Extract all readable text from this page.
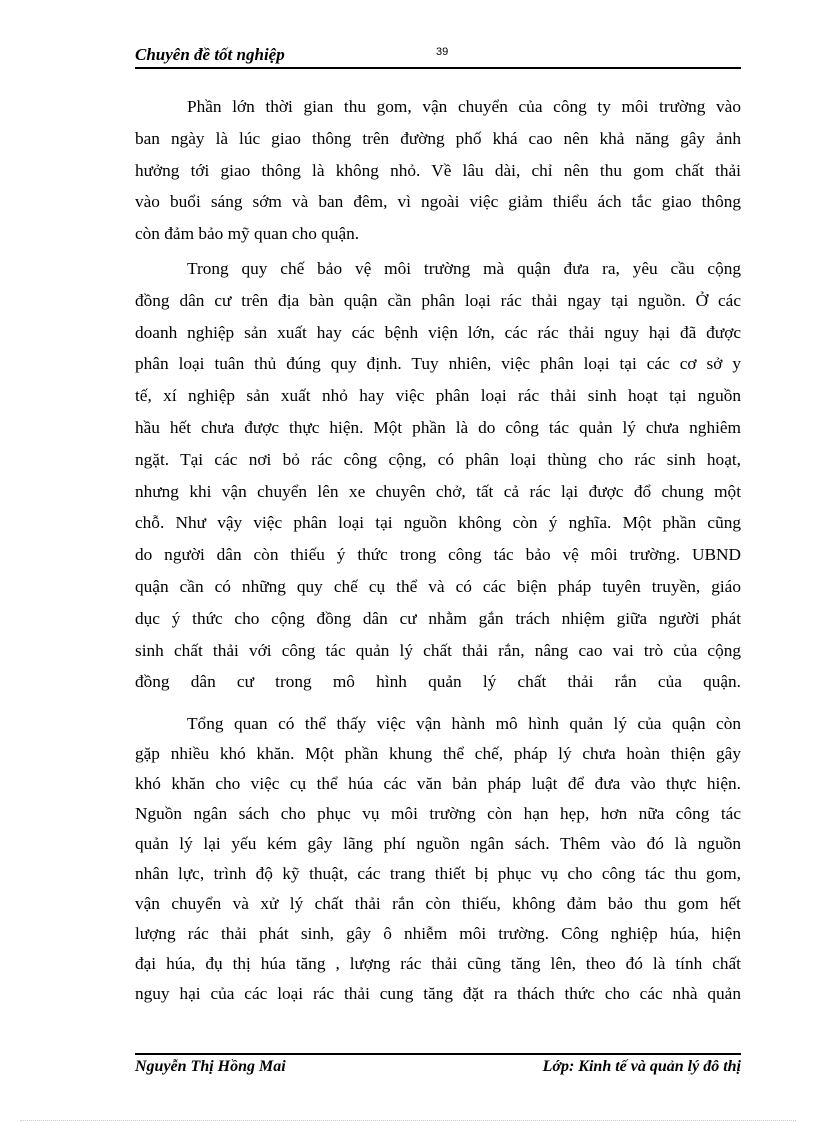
Chuyên đề tốt nghiệp	39
Phần lớn thời gian thu gom, vận chuyển của công ty môi trường vào
ban ngày là lúc giao thông trên đường phố khá cao nên khả năng gây ảnh
hưởng tới giao thông là không nhỏ. Về lâu dài, chỉ nên thu gom chất thải
vào buổi sáng sớm và ban đêm, vì ngoài việc giảm thiểu ách tắc giao thông
còn đảm bảo mỹ quan cho quận.
Trong quy chế bảo vệ môi trường mà quận đưa ra, yêu cầu cộng
đồng dân cư trên địa bàn quận cần phân loại rác thải ngay tại nguồn. Ở các
doanh nghiệp sản xuất hay các bệnh viện lớn, các rác thải nguy hại đã được
phân loại tuân thủ đúng quy định. Tuy nhiên, việc phân loại tại các cơ sở y
tế, xí nghiệp sản xuất nhỏ hay việc phân loại rác thải sinh hoạt tại nguồn
hầu hết chưa được thực hiện. Một phần là do công tác quản lý chưa nghiêm
ngặt. Tại các nơi bỏ rác công cộng, có phân loại thùng cho rác sinh hoạt,
nhưng khi vận chuyển lên xe chuyên chở, tất cả rác lại được đổ chung một
chỗ. Như vậy việc phân loại tại nguồn không còn ý nghĩa. Một phần cũng
do người dân còn thiếu ý thức trong công tác bảo vệ môi trường. UBND
quận cần có những quy chế cụ thể và có các biện pháp tuyên truyền, giáo
dục ý thức cho cộng đồng dân cư nhằm gắn trách nhiệm giữa người phát
sinh chất thải với công tác quản lý chất thải rắn, nâng cao vai trò của cộng
đồng dân cư trong mô hình quản lý chất thải rắn của quận.
Tổng quan có thể thấy việc vận hành mô hình quản lý của quận còn
gặp nhiều khó khăn. Một phần khung thể chế, pháp lý chưa hoàn thiện gây
khó khăn cho việc cụ thể húa các văn bản pháp luật để đưa vào thực hiện.
Nguồn ngân sách cho phục vụ môi trường còn hạn hẹp, hơn nữa công tác
quản lý lại yếu kém gây lãng phí nguồn ngân sách. Thêm vào đó là nguồn
nhân lực, trình độ kỹ thuật, các trang thiết bị phục vụ cho công tác thu gom,
vận chuyển và xử lý chất thải rắn còn thiếu, không đảm bảo thu gom hết
lượng rác thải phát sinh, gây ô nhiễm môi trường. Công nghiệp húa, hiện
đại húa, đụ thị húa tăng , lượng rác thải cũng tăng lên, theo đó là tính chất
nguy hại của các loại rác thải cung tăng đặt ra thách thức cho các nhà quản
Nguyễn Thị Hồng Mai	Lớp: Kinh tế và quản lý đô thị
